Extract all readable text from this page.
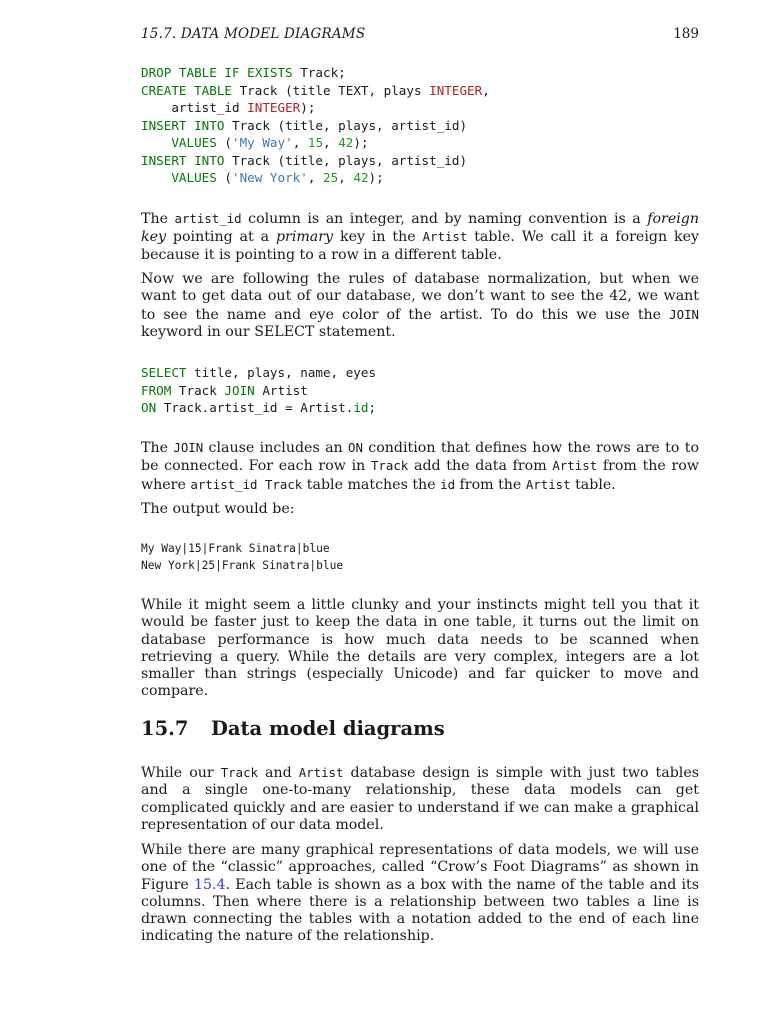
15.7. DATA MODEL DIAGRAMS	189
DROP TABLE IF EXISTS Track;
CREATE TABLE Track (title TEXT, plays INTEGER,
artist_id INTEGER);
INSERT INTO Track (title, plays, artist_id)
VALUES ('My Way', 15, 42);
INSERT INTO Track (title, plays, artist_id)
VALUES ('New York', 25, 42);

The artist_id column is an integer, and by naming convention is a foreign key pointing at a primary key in the Artist table. We call it a foreign key because it is pointing to a row in a different table.

Now we are following the rules of database normalization, but when we want to get data out of our database, we don’t want to see the 42, we want to see the name and eye color of the artist. To do this we use the JOIN keyword in our SELECT statement.

SELECT title, plays, name, eyes
FROM Track JOIN Artist
ON Track.artist_id = Artist.id;

The JOIN clause includes an ON condition that defines how the rows are to to be connected. For each row in Track add the data from Artist from the row where artist_id Track table matches the id from the Artist table.

The output would be:

My Way|15|Frank Sinatra|blue
New York|25|Frank Sinatra|blue

While it might seem a little clunky and your instincts might tell you that it would be faster just to keep the data in one table, it turns out the limit on database performance is how much data needs to be scanned when retrieving a query. While the details are very complex, integers are a lot smaller than strings (especially Unicode) and far quicker to move and compare.

15.7 Data model diagrams

While our Track and Artist database design is simple with just two tables and a single one-to-many relationship, these data models can get complicated quickly and are easier to understand if we can make a graphical representation of our data model.

While there are many graphical representations of data models, we will use one of the “classic” approaches, called “Crow’s Foot Diagrams” as shown in Figure 15.4. Each table is shown as a box with the name of the table and its columns. Then where there is a relationship between two tables a line is drawn connecting the tables with a notation added to the end of each line indicating the nature of the relationship.
